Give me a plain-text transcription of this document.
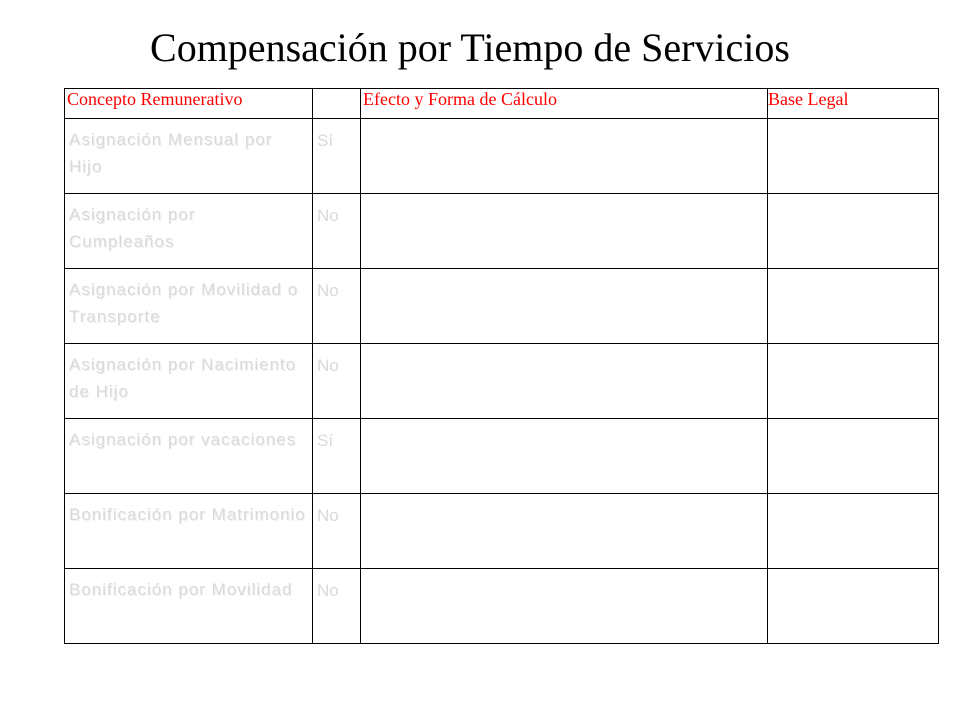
Compensación por Tiempo de Servicios
Concepto Remunerativo		Efecto y Forma de Cálculo	Base Legal

Asignación Mensual por Hijo	Sí		

Asignación por Cumpleaños	No		

Asignación por Movilidad o Transporte	No		

Asignación por Nacimiento de Hijo	No		

Asignación por vacaciones	Sí		

Bonificación por Matrimonio	No		

Bonificación por Movilidad	No		
